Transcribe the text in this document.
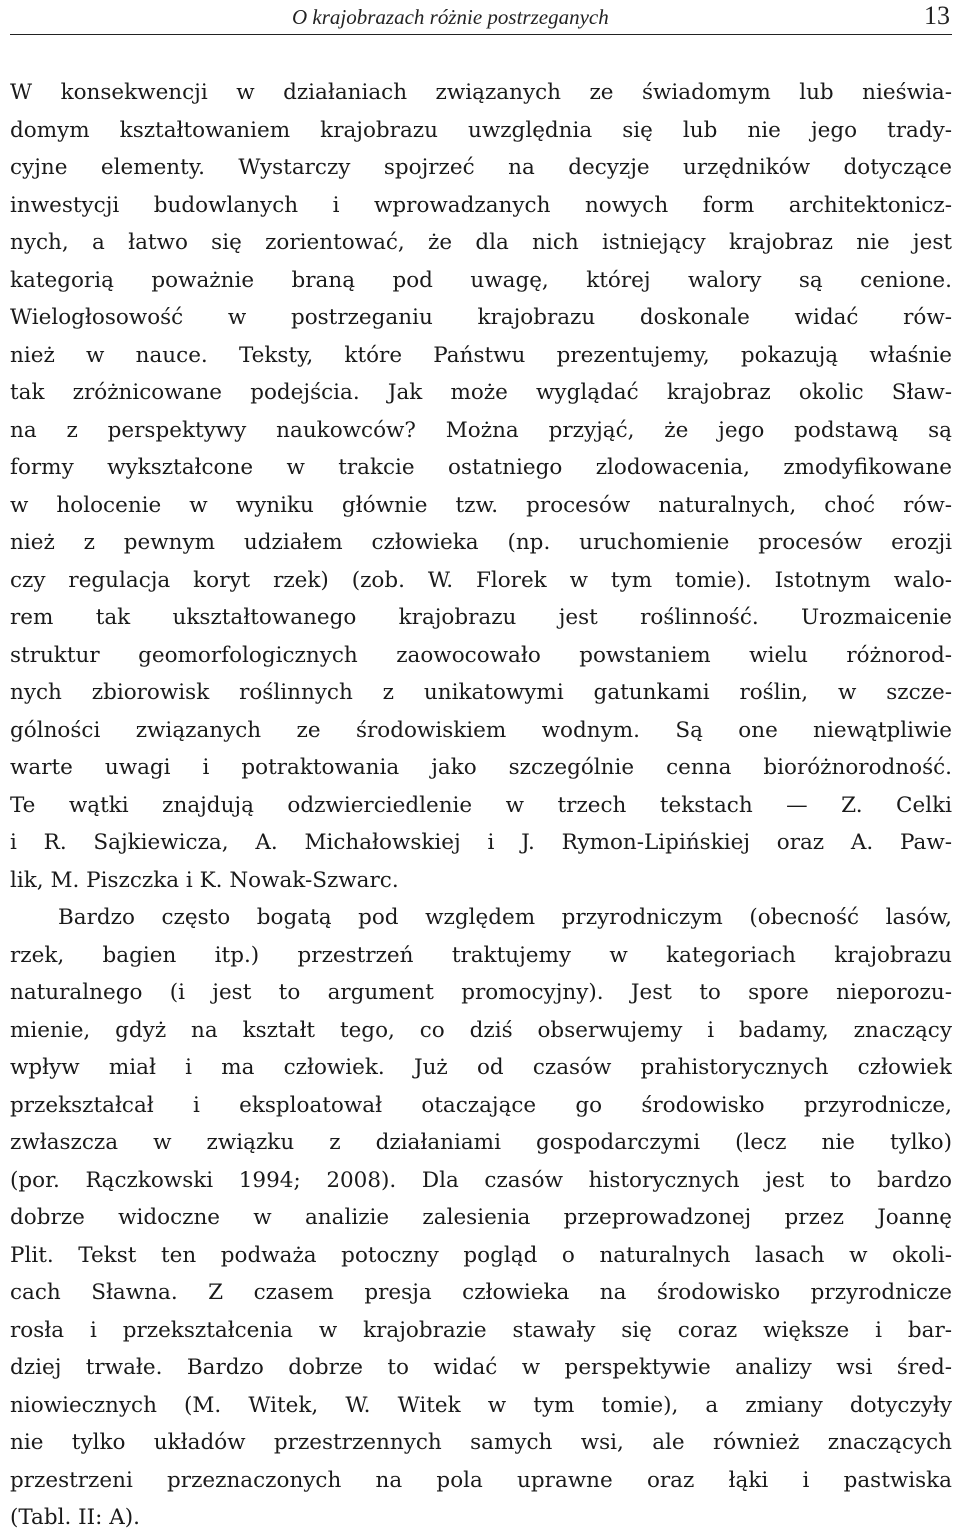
O krajobrazach różnie postrzeganych	13

W konsekwencji w działaniach związanych ze świadomym lub nieświa-
domym kształtowaniem krajobrazu uwzględnia się lub nie jego trady-
cyjne elementy. Wystarczy spojrzeć na decyzje urzędników dotyczące
inwestycji budowlanych i wprowadzanych nowych form architektonicz-
nych, a łatwo się zorientować, że dla nich istniejący krajobraz nie jest
kategorią poważnie braną pod uwagę, której walory są cenione.
Wielogłosowość w postrzeganiu krajobrazu doskonale widać rów-
nież w nauce. Teksty, które Państwu prezentujemy, pokazują właśnie
tak zróżnicowane podejścia. Jak może wyglądać krajobraz okolic Sław-
na z perspektywy naukowców? Można przyjąć, że jego podstawą są
formy wykształcone w trakcie ostatniego zlodowacenia, zmodyfikowane
w holocenie w wyniku głównie tzw. procesów naturalnych, choć rów-
nież z pewnym udziałem człowieka (np. uruchomienie procesów erozji
czy regulacja koryt rzek) (zob. W. Florek w tym tomie). Istotnym walo-
rem tak ukształtowanego krajobrazu jest roślinność. Urozmaicenie
struktur geomorfologicznych zaowocowało powstaniem wielu różnorod-
nych zbiorowisk roślinnych z unikatowymi gatunkami roślin, w szcze-
gólności związanych ze środowiskiem wodnym. Są one niewątpliwie
warte uwagi i potraktowania jako szczególnie cenna bioróżnorodność.
Te wątki znajdują odzwierciedlenie w trzech tekstach — Z. Celki
i R. Sajkiewicza, A. Michałowskiej i J. Rymon-Lipińskiej oraz A. Paw-
lik, M. Piszczka i K. Nowak-Szwarc.

Bardzo często bogatą pod względem przyrodniczym (obecność lasów,
rzek, bagien itp.) przestrzeń traktujemy w kategoriach krajobrazu
naturalnego (i jest to argument promocyjny). Jest to spore nieporozu-
mienie, gdyż na kształt tego, co dziś obserwujemy i badamy, znaczący
wpływ miał i ma człowiek. Już od czasów prahistorycznych człowiek
przekształcał i eksploatował otaczające go środowisko przyrodnicze,
zwłaszcza w związku z działaniami gospodarczymi (lecz nie tylko)
(por. Rączkowski 1994; 2008). Dla czasów historycznych jest to bardzo
dobrze widoczne w analizie zalesienia przeprowadzonej przez Joannę
Plit. Tekst ten podważa potoczny pogląd o naturalnych lasach w okoli-
cach Sławna. Z czasem presja człowieka na środowisko przyrodnicze
rosła i przekształcenia w krajobrazie stawały się coraz większe i bar-
dziej trwałe. Bardzo dobrze to widać w perspektywie analizy wsi śred-
niowiecznych (M. Witek, W. Witek w tym tomie), a zmiany dotyczyły
nie tylko układów przestrzennych samych wsi, ale również znaczących
przestrzeni przeznaczonych na pola uprawne oraz łąki i pastwiska
(Tabl. II: A).
